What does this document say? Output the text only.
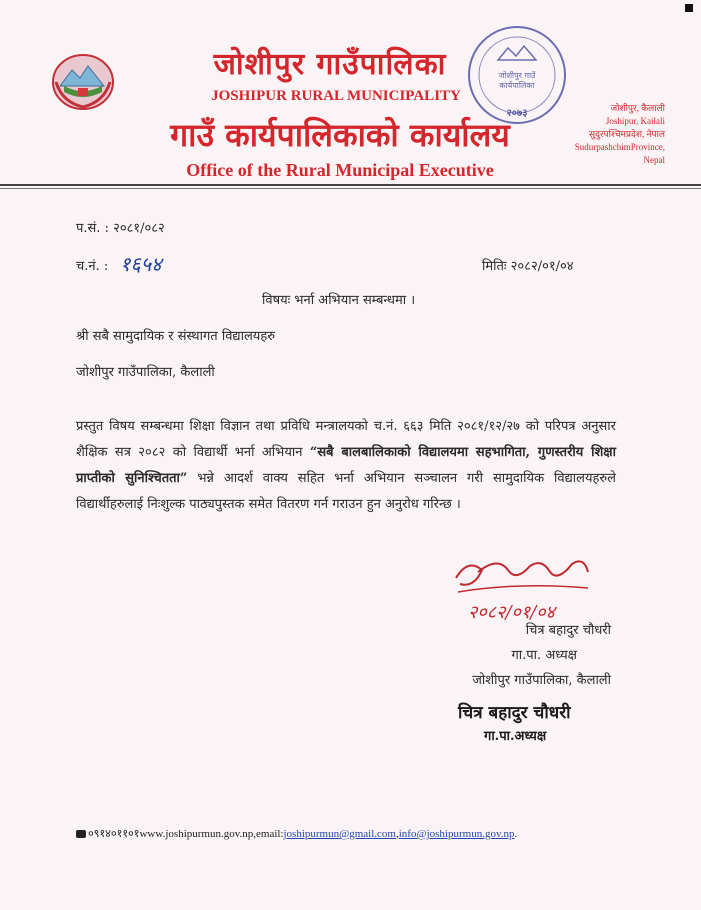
जोशीपुर गाउँपालिका
JOSHIPUR RURAL MUNICIPALITY
गाउँ कार्यपालिकाको कार्यालय
Office of the Rural Municipal Executive
जोशीपुर गाउँ
कार्यपालिका
२०७३	जोशीपुर, कैलाली
Joshipur, Kailali
सुदुरपश्चिमप्रदेश, नेपाल
SudurpashchimProvince,
Nepal
प.सं. : २०८१/०८२
च.नं. : १६५४	मितिः २०८२/०१/०४
विषयः भर्ना अभियान सम्बन्धमा ।
श्री सबै सामुदायिक र संस्थागत विद्यालयहरु
जोशीपुर गाउँपालिका, कैलाली
प्रस्तुत विषय सम्बन्धमा शिक्षा विज्ञान तथा प्रविधि मन्त्रालयको च.नं. ६६३ मिति २०८१/१२/२७ को परिपत्र अनुसार शैक्षिक सत्र २०८२ को विद्यार्थी भर्ना अभियान “सबै बालबालिकाको विद्यालयमा सहभागिता, गुणस्तरीय शिक्षा प्राप्तीको सुनिश्चितता” भन्ने आदर्श वाक्य सहित भर्ना अभियान सञ्चालन गरी सामुदायिक विद्यालयहरुले विद्यार्थीहरुलाई निःशुल्क पाठ्यपुस्तक समेत वितरण गर्न गराउन हुन अनुरोध गरिन्छ ।
२०८२/०१/०४
चित्र बहादुर चौधरी
गा.पा. अध्यक्ष
जोशीपुर गाउँपालिका, कैलाली
चित्र बहादुर चौधरी
गा.पा.अध्यक्ष
०९१४०११०१www.joshipurmun.gov.np,email:joshipurmun@gmail.com,info@joshipurmun.gov.np.
